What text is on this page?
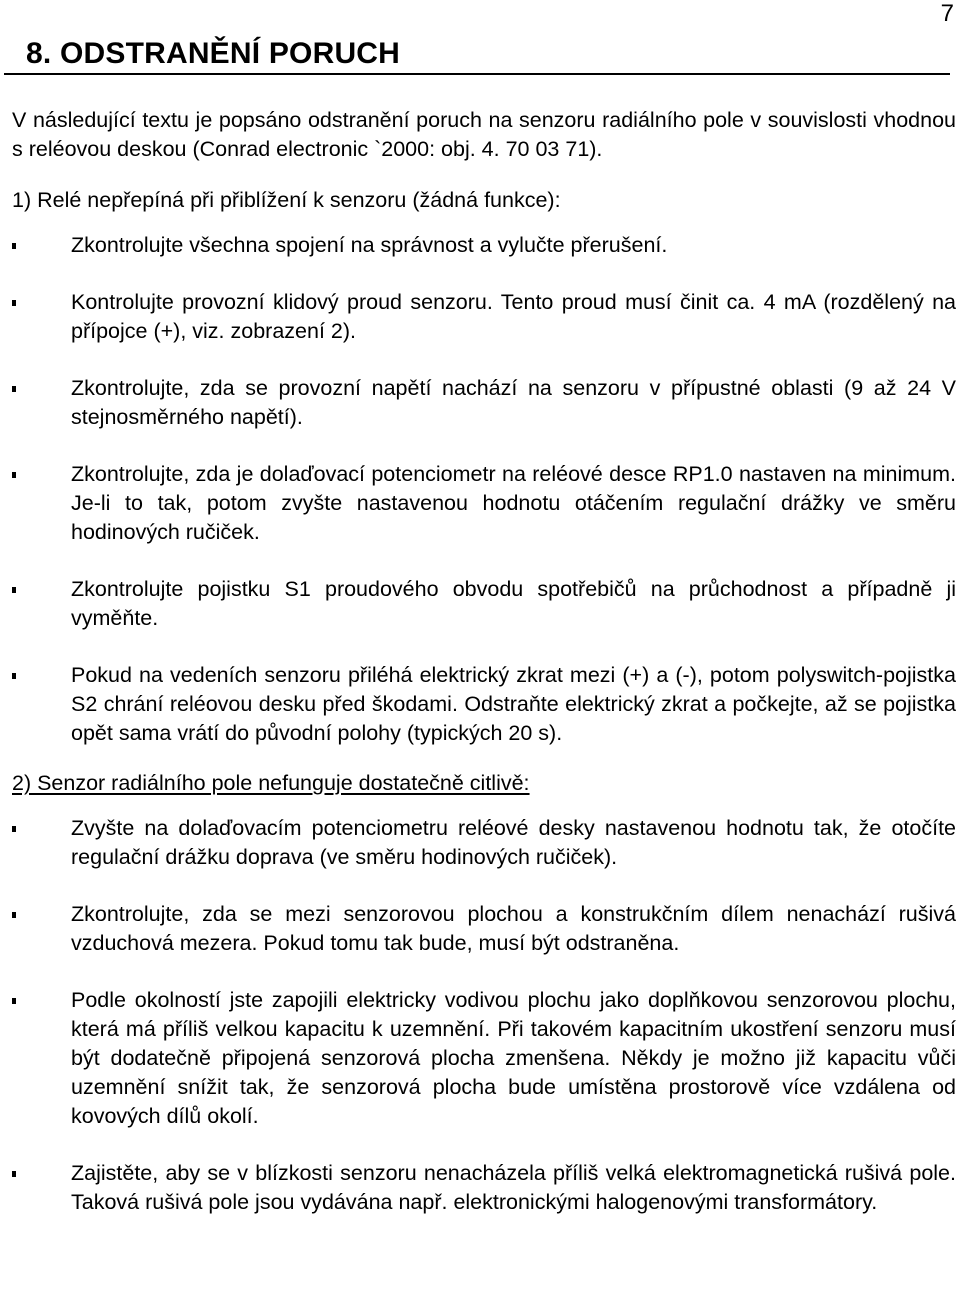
7
8. ODSTRANĚNÍ PORUCH

V následující textu je popsáno odstranění poruch na senzoru radiálního pole v souvislosti vhodnou s reléovou deskou (Conrad electronic `2000: obj. 4. 70 03 71).

1) Relé nepřepíná při přiblížení k senzoru (žádná funkce):

Zkontrolujte všechna spojení na správnost a vylučte přerušení.
Kontrolujte provozní klidový proud senzoru. Tento proud musí činit ca. 4 mA (rozdělený na přípojce (+), viz. zobrazení 2).
Zkontrolujte, zda se provozní napětí nachází na senzoru v přípustné oblasti (9 až 24 V stejnosměrného napětí).
Zkontrolujte, zda je dolaďovací potenciometr na reléové desce RP1.0 nastaven na minimum. Je-li to tak, potom zvyšte nastavenou hodnotu otáčením regulační drážky ve směru hodinových ručiček.
Zkontrolujte pojistku S1 proudového obvodu spotřebičů na průchodnost a případně ji vyměňte.
Pokud na vedeních senzoru přiléhá elektrický zkrat mezi (+) a (-), potom polyswitch-pojistka S2 chrání reléovou desku před škodami. Odstraňte elektrický zkrat a počkejte, až se pojistka opět sama vrátí do původní polohy (typických 20 s).

2) Senzor radiálního pole nefunguje dostatečně citlivě:

Zvyšte na dolaďovacím potenciometru reléové desky nastavenou hodnotu tak, že otočíte regulační drážku doprava (ve směru hodinových ručiček).
Zkontrolujte, zda se mezi senzorovou plochou a konstrukčním dílem nenachází rušivá vzduchová mezera. Pokud tomu tak bude, musí být odstraněna.
Podle okolností jste zapojili elektricky vodivou plochu jako doplňkovou senzorovou plochu, která má příliš velkou kapacitu k uzemnění. Při takovém kapacitním ukostření senzoru musí být dodatečně připojená senzorová plocha zmenšena. Někdy je možno již kapacitu vůči uzemnění snížit tak, že senzorová plocha bude umístěna prostorově více vzdálena od kovových dílů okolí.
Zajistěte, aby se v blízkosti senzoru nenacházela příliš velká elektromagnetická rušivá pole. Taková rušivá pole jsou vydávána např. elektronickými halogenovými transformátory.
